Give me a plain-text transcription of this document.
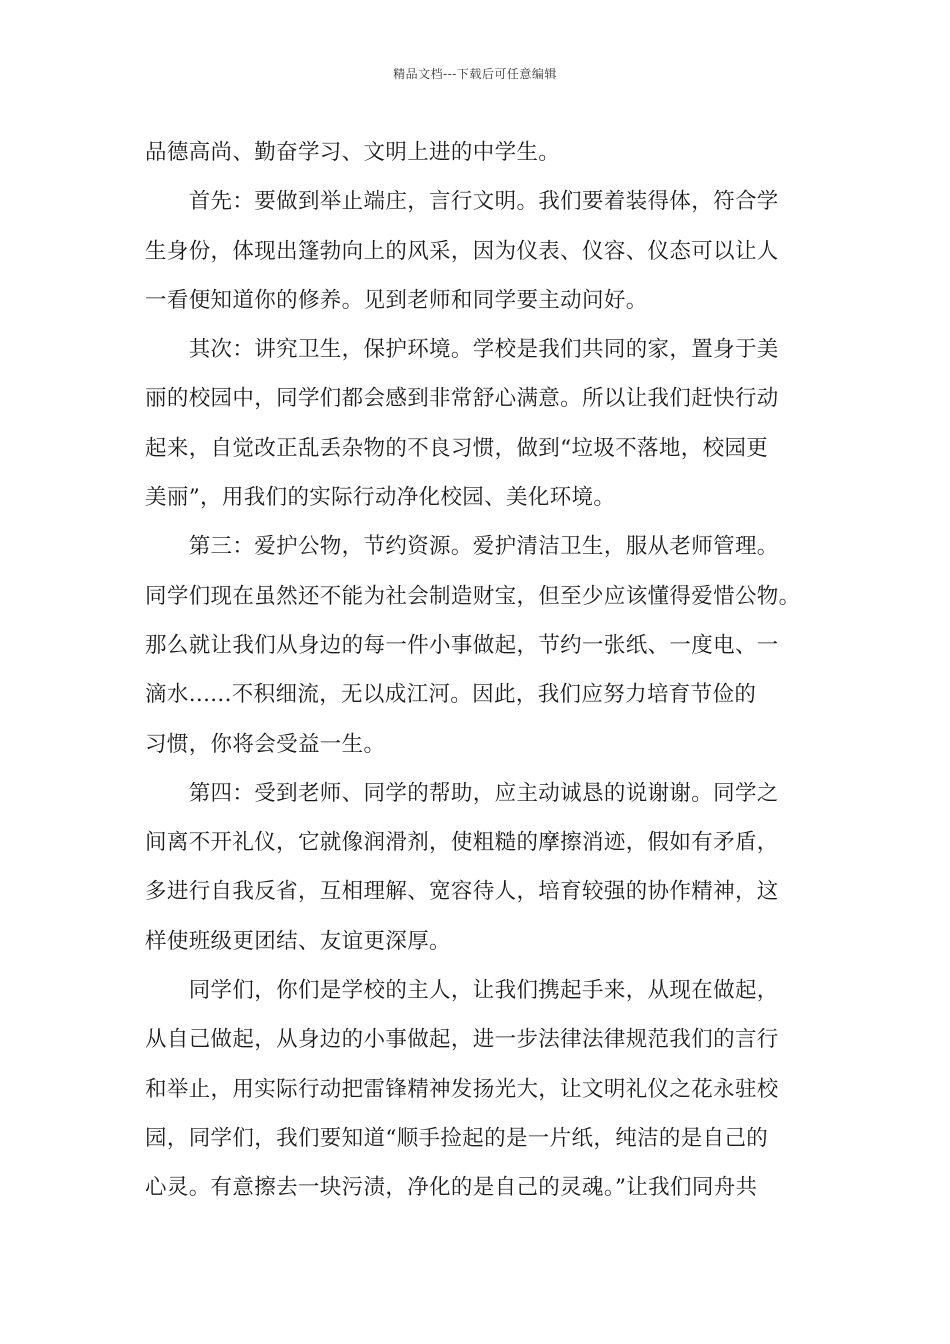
精品文档---下载后可任意编辑
品德高尚、勤奋学习、文明上进的中学生。
　　首先：要做到举止端庄，言行文明。我们要着装得体，符合学
生身份，体现出篷勃向上的风采，因为仪表、仪容、仪态可以让人
一看便知道你的修养。见到老师和同学要主动问好。
　　其次：讲究卫生，保护环境。学校是我们共同的家，置身于美
丽的校园中，同学们都会感到非常舒心满意。所以让我们赶快行动
起来，自觉改正乱丢杂物的不良习惯，做到“垃圾不落地，校园更
美丽”，用我们的实际行动净化校园、美化环境。
　　第三：爱护公物，节约资源。爱护清洁卫生，服从老师管理。
同学们现在虽然还不能为社会制造财宝，但至少应该懂得爱惜公物。
那么就让我们从身边的每一件小事做起，节约一张纸、一度电、一
滴水......不积细流，无以成江河。因此，我们应努力培育节俭的
习惯，你将会受益一生。
　　第四：受到老师、同学的帮助，应主动诚恳的说谢谢。同学之
间离不开礼仪，它就像润滑剂，使粗糙的摩擦消迹，假如有矛盾，
多进行自我反省，互相理解、宽容待人，培育较强的协作精神，这
样使班级更团结、友谊更深厚。
　　同学们，你们是学校的主人，让我们携起手来，从现在做起，
从自己做起，从身边的小事做起，进一步法律法律规范我们的言行
和举止，用实际行动把雷锋精神发扬光大，让文明礼仪之花永驻校
园，同学们，我们要知道“顺手捡起的是一片纸，纯洁的是自己的
心灵。有意擦去一块污渍，净化的是自己的灵魂。”让我们同舟共
